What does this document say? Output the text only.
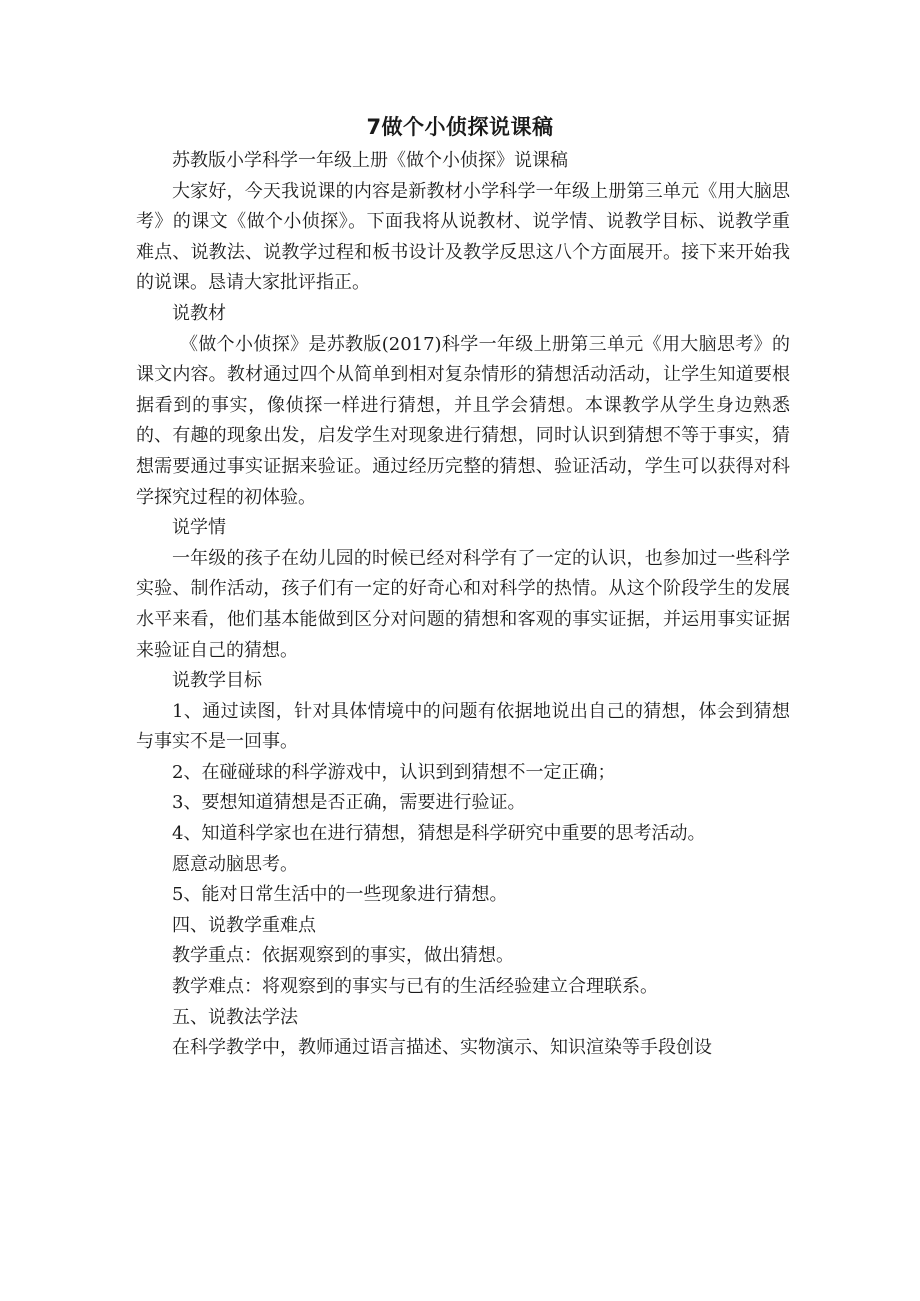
7做个小侦探说课稿

苏教版小学科学一年级上册《做个小侦探》说课稿

大家好，今天我说课的内容是新教材小学科学一年级上册第三单元《用大脑思考》的课文《做个小侦探》。下面我将从说教材、说学情、说教学目标、说教学重难点、说教法、说教学过程和板书设计及教学反思这八个方面展开。接下来开始我的说课。恳请大家批评指正。

说教材

《做个小侦探》是苏教版(2017)科学一年级上册第三单元《用大脑思考》的课文内容。教材通过四个从简单到相对复杂情形的猜想活动活动，让学生知道要根据看到的事实，像侦探一样进行猜想，并且学会猜想。本课教学从学生身边熟悉的、有趣的现象出发，启发学生对现象进行猜想，同时认识到猜想不等于事实，猜想需要通过事实证据来验证。通过经历完整的猜想、验证活动，学生可以获得对科学探究过程的初体验。

说学情

一年级的孩子在幼儿园的时候已经对科学有了一定的认识，也参加过一些科学实验、制作活动，孩子们有一定的好奇心和对科学的热情。从这个阶段学生的发展水平来看，他们基本能做到区分对问题的猜想和客观的事实证据，并运用事实证据来验证自己的猜想。

说教学目标

1、通过读图，针对具体情境中的问题有依据地说出自己的猜想，体会到猜想与事实不是一回事。

2、在碰碰球的科学游戏中，认识到到猜想不一定正确；

3、要想知道猜想是否正确，需要进行验证。

4、知道科学家也在进行猜想，猜想是科学研究中重要的思考活动。

愿意动脑思考。

5、能对日常生活中的一些现象进行猜想。

四、说教学重难点

教学重点：依据观察到的事实，做出猜想。

教学难点：将观察到的事实与已有的生活经验建立合理联系。

五、说教法学法

在科学教学中，教师通过语言描述、实物演示、知识渲染等手段创设
